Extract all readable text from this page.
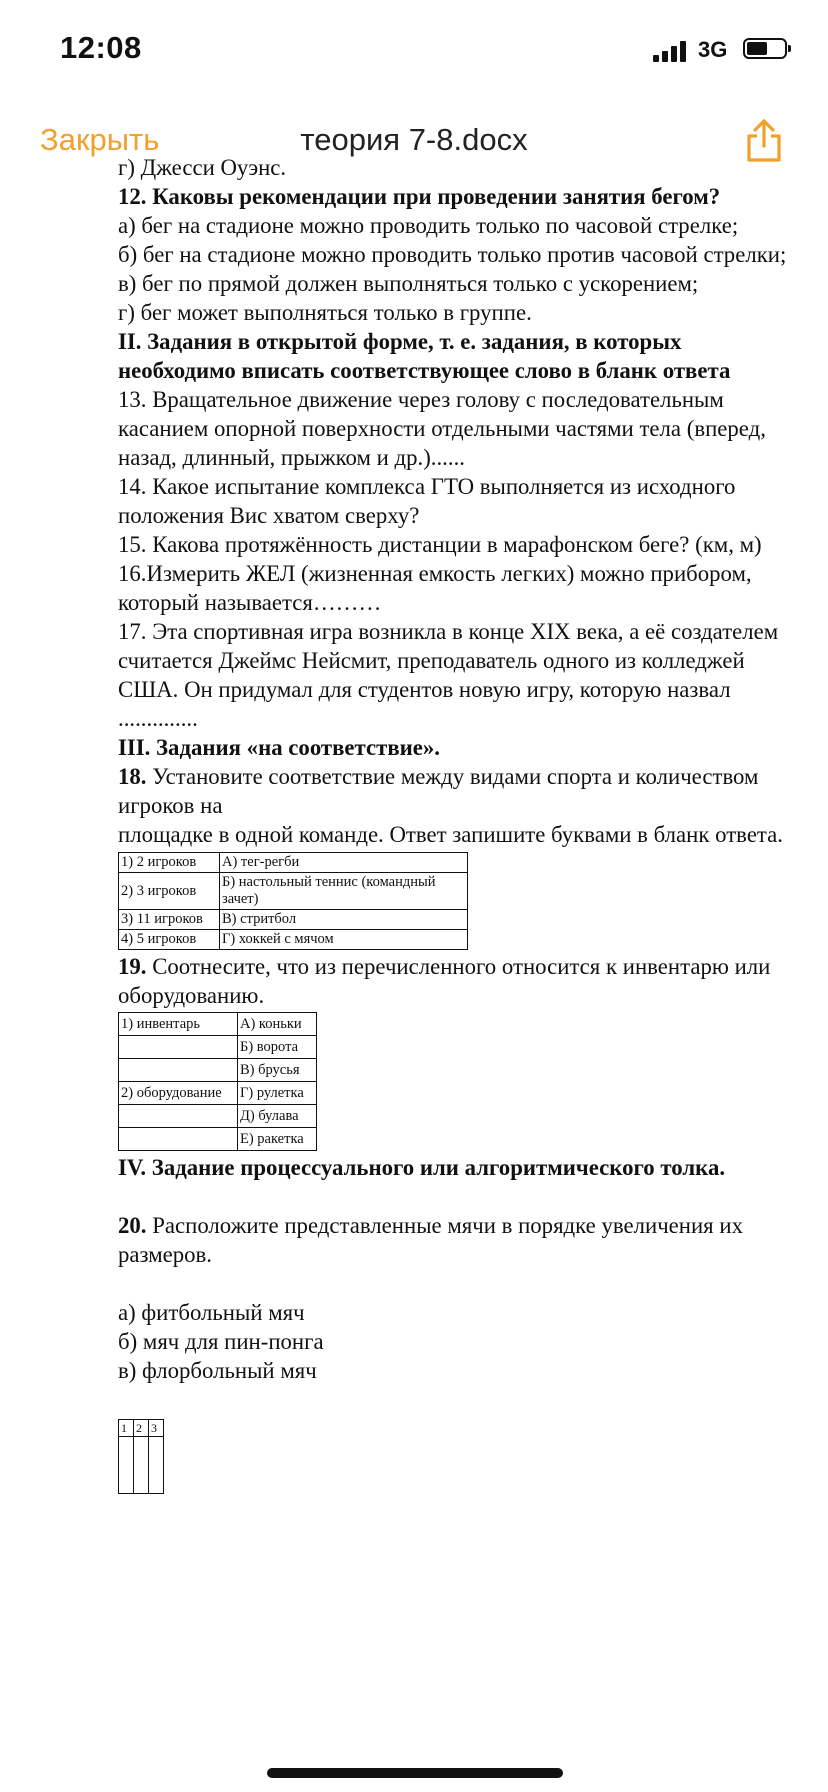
12:08	3G
Закрыть	теория 7-8.docx
г) Джесси Оуэнс.

12. Каковы рекомендации при проведении занятия бегом?

а) бег на стадионе можно проводить только по часовой стрелке;

б) бег на стадионе можно проводить только против часовой стрелки;

в) бег по прямой должен выполняться только с ускорением;

г) бег может выполняться только в группе.

II. Задания в открытой форме, т. е. задания, в которых необходимо вписать соответствующее слово в бланк ответа

13. Вращательное движение через голову с последовательным касанием опорной поверхности отдельными частями тела (вперед, назад, длинный, прыжком и др.)......

14. Какое испытание комплекса ГТО выполняется из исходного положения Вис хватом сверху?

15. Какова протяжённость дистанции в марафонском беге? (км, м)

16.Измерить ЖЕЛ (жизненная емкость легких) можно прибором, который называется………

17. Эта спортивная игра возникла в конце XIX века, а её создателем считается Джеймс Нейсмит, преподаватель одного из колледжей США. Он придумал для студентов новую игру, которую назвал ..............

III. Задания «на соответствие».

18. Установите соответствие между видами спорта и количеством игроков на

площадке в одной команде. Ответ запишите буквами в бланк ответа.

1) 2 игроков	А) тег-регби
2) 3 игроков	Б) настольный теннис (командный зачет)
3) 11 игроков	В) стритбол
4) 5 игроков	Г) хоккей с мячом

19. Соотнесите, что из перечисленного относится к инвентарю или оборудованию.

1) инвентарь	А) коньки
	Б) ворота
	В) брусья
2) оборудование	Г) рулетка
	Д) булава
	Е) ракетка

IV. Задание процессуального или алгоритмического толка.

20. Расположите представленные мячи в порядке увеличения их размеров.

а) фитбольный мяч

б) мяч для пин-понга

в) флорбольный мяч

1	2	3
